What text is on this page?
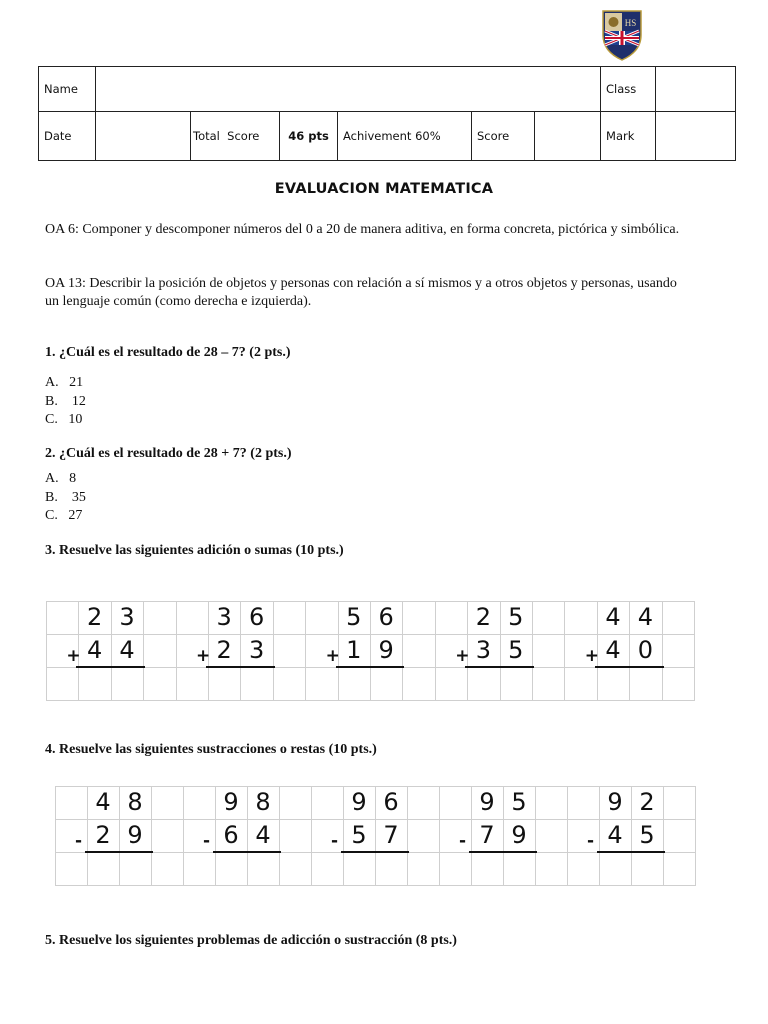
HS
Name							Class	
Date		Total  Score	46 pts	Achivement 60%	Score		Mark	
EVALUACION MATEMATICA
OA 6: Componer y descomponer números del 0 a 20 de manera aditiva, en forma concreta, pictórica y simbólica.
OA 13: Describir la posición de objetos y personas con relación a sí mismos y a otros objetos y personas, usando un lenguaje común (como derecha e izquierda).
1. ¿Cuál es el resultado de 28 – 7? (2 pts.)
A.   21
B.    12
C.   10
2. ¿Cuál es el resultado de 28 + 7? (2 pts.)
A.   8
B.    35
C.   27
3. Resuelve las siguientes adición o sumas (10 pts.)
2 3
4 4
+
3 6
2 3
+
5 6
1 9
+
2 5
3 5
+
4 4
4 0
+
4. Resuelve las siguientes sustracciones o restas (10 pts.)
4 8
2 9
-
9 8
6 4
-
9 6
5 7
-
9 5
7 9
-
9 2
4 5
-
5. Resuelve los siguientes problemas de adicción o sustracción (8 pts.)
